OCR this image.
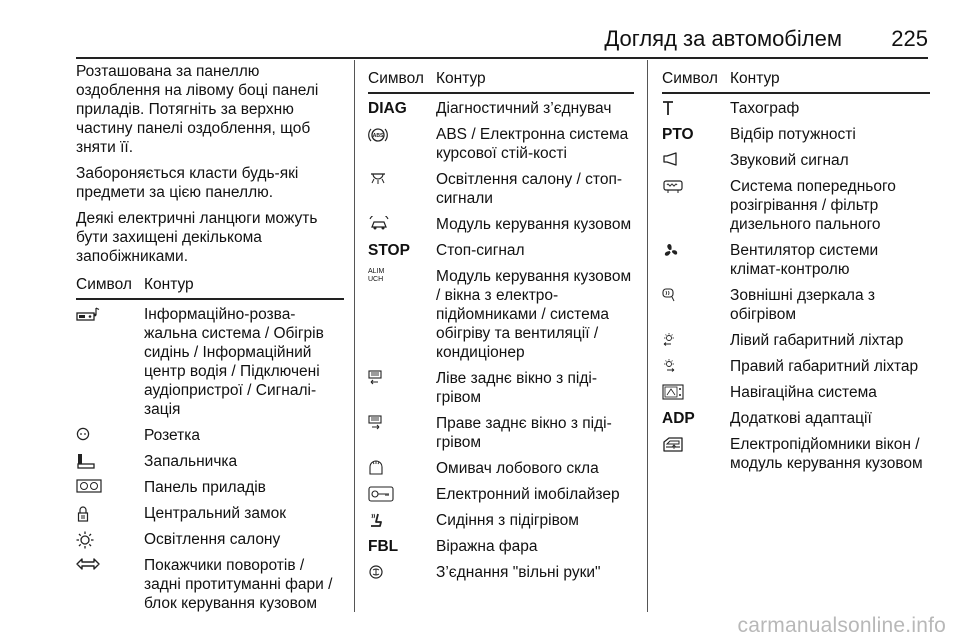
Догляд за автомобілем 225

Розташована за панеллю оздоблення на лівому боці панелі приладів. Потягніть за верхню частину панелі оздоблення, щоб зняти її.

Забороняється класти будь-які предмети за цією панеллю.

Деякі електричні ланцюги можуть бути захищені декількома запобіжниками.

Символ Контур
Інформаційно-розва-жальна система / Обігрів сидінь / Інформаційний центр водія / Підключені аудіопристрої / Сигналі-зація
Розетка
Запальничка
Панель приладів
Центральний замок
Освітлення салону
Покажчики поворотів / задні протитуманні фари / блок керування кузовом
Символ Контур
DIAG Діагностичний з’єднувач
ABS	ABS / Електронна система курсової стій-кості
Освітлення салону / стоп-сигнали
Модуль керування кузовом
STOP Стоп-сигнал
ALIM
UCH	Модуль керування кузовом / вікна з електро-підйомниками / система обігріву та вентиляції / кондиціонер
Ліве заднє вікно з піді-грівом
Праве заднє вікно з піді-грівом
Омивач лобового скла
Електронний імобілайзер
Сидіння з підігрівом
FBL Віражна фара
З’єднання "вільні руки"
Символ Контур
Тахограф
PTO Відбір потужності
Звуковий сигнал
Система попереднього розігрівання / фільтр дизельного пального
Вентилятор системи клімат-контролю
Зовнішні дзеркала з обігрівом
Лівий габаритний ліхтар
Правий габаритний ліхтар
Навігаційна система
ADP Додаткові адаптації
Електропідйомники вікон / модуль керування кузовом
carmanualsonline.info
